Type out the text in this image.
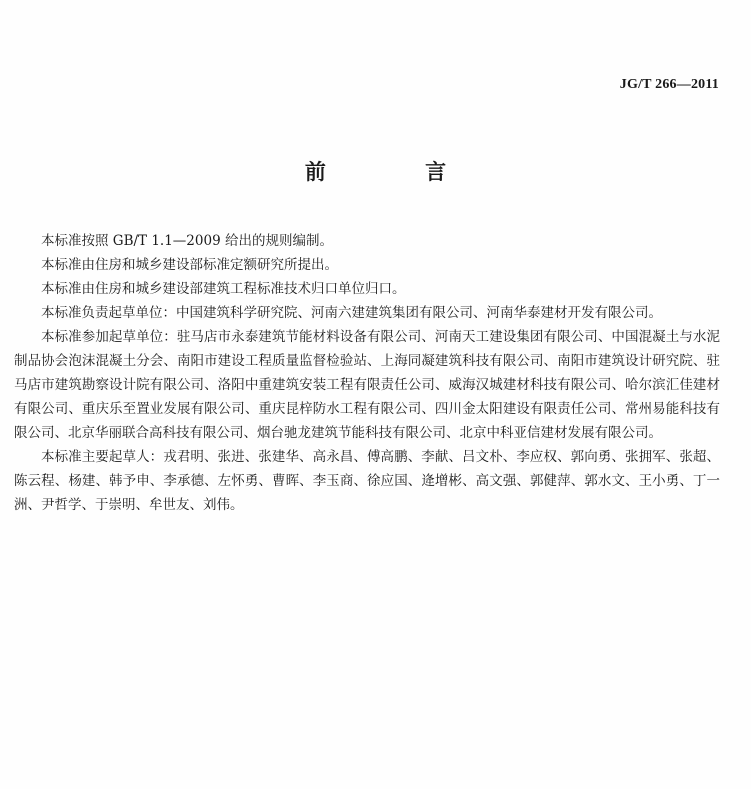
JG/T 266—2011
前 言

本标准按照 GB/T 1.1—2009 给出的规则编制。

本标准由住房和城乡建设部标准定额研究所提出。

本标准由住房和城乡建设部建筑工程标准技术归口单位归口。

本标准负责起草单位：中国建筑科学研究院、河南六建建筑集团有限公司、河南华泰建材开发有限公司。

本标准参加起草单位：驻马店市永泰建筑节能材料设备有限公司、河南天工建设集团有限公司、中国混凝土与水泥制品协会泡沫混凝土分会、南阳市建设工程质量监督检验站、上海同凝建筑科技有限公司、南阳市建筑设计研究院、驻马店市建筑勘察设计院有限公司、洛阳中重建筑安装工程有限责任公司、威海汉城建材科技有限公司、哈尔滨汇佳建材有限公司、重庆乐至置业发展有限公司、重庆昆梓防水工程有限公司、四川金太阳建设有限责任公司、常州易能科技有限公司、北京华丽联合高科技有限公司、烟台驰龙建筑节能科技有限公司、北京中科亚信建材发展有限公司。

本标准主要起草人：戎君明、张进、张建华、高永昌、傅高鹏、李献、吕文朴、李应权、郭向勇、张拥军、张超、陈云程、杨建、韩予申、李承德、左怀勇、曹晖、李玉商、徐应国、逄增彬、高文强、郭健萍、郭水文、王小勇、丁一洲、尹哲学、于崇明、牟世友、刘伟。
